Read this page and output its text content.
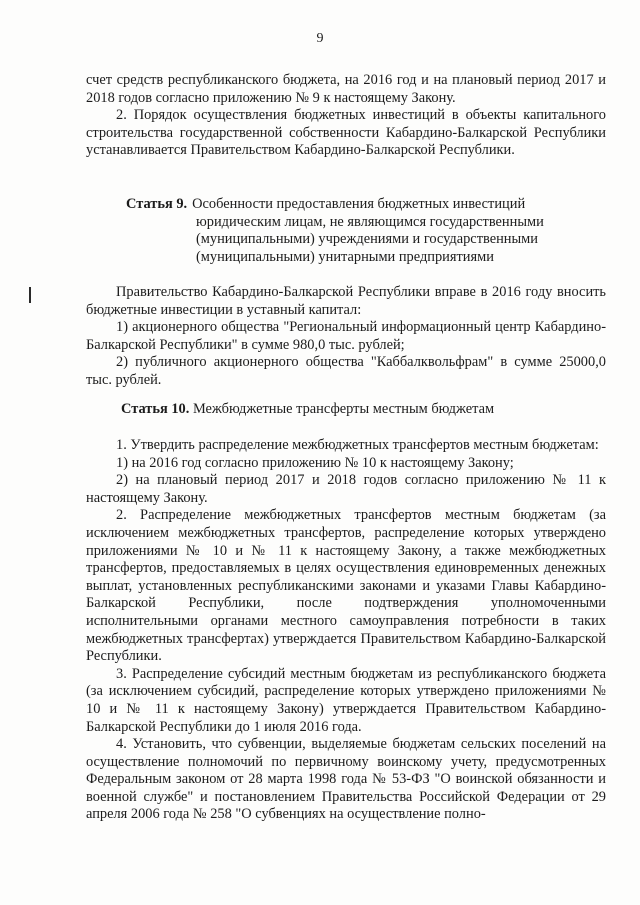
9

счет средств республиканского бюджета, на 2016 год и на плановый период 2017 и 2018 годов согласно приложению № 9 к настоящему Закону.

2. Порядок осуществления бюджетных инвестиций в объекты капитального строительства государственной собственности Кабардино-Балкарской Республики устанавливается Правительством Кабардино-Балкарской Республики.

Статья 9. Особенности предоставления бюджетных инвестиций
юридическим лицам, не являющимся государственными
(муниципальными) учреждениями и государственными
(муниципальными) унитарными предприятиями

Правительство Кабардино-Балкарской Республики вправе в 2016 году вносить бюджетные инвестиции в уставный капитал:

1) акционерного общества "Региональный информационный центр Кабардино-Балкарской Республики" в сумме 980,0 тыс. рублей;

2) публичного акционерного общества "Каббалквольфрам" в сумме 25000,0 тыс. рублей.

Статья 10. Межбюджетные трансферты местным бюджетам

1. Утвердить распределение межбюджетных трансфертов местным бюджетам:

1) на 2016 год согласно приложению № 10 к настоящему Закону;

2) на плановый период 2017 и 2018 годов согласно приложению № 11 к настоящему Закону.

2. Распределение межбюджетных трансфертов местным бюджетам (за исключением межбюджетных трансфертов, распределение которых утверждено приложениями № 10 и № 11 к настоящему Закону, а также межбюджетных трансфертов, предоставляемых в целях осуществления единовременных денежных выплат, установленных республиканскими законами и указами Главы Кабардино-Балкарской Республики, после подтверждения уполномоченными исполнительными органами местного самоуправления потребности в таких межбюджетных трансфертах) утверждается Правительством Кабардино-Балкарской Республики.

3. Распределение субсидий местным бюджетам из республиканского бюджета (за исключением субсидий, распределение которых утверждено приложениями № 10 и № 11 к настоящему Закону) утверждается Правительством Кабардино-Балкарской Республики до 1 июля 2016 года.

4. Установить, что субвенции, выделяемые бюджетам сельских поселений на осуществление полномочий по первичному воинскому учету, предусмотренных Федеральным законом от 28 марта 1998 года № 53-ФЗ "О воинской обязанности и военной службе" и постановлением Правительства Российской Федерации от 29 апреля 2006 года № 258 "О субвенциях на осуществление полно-
